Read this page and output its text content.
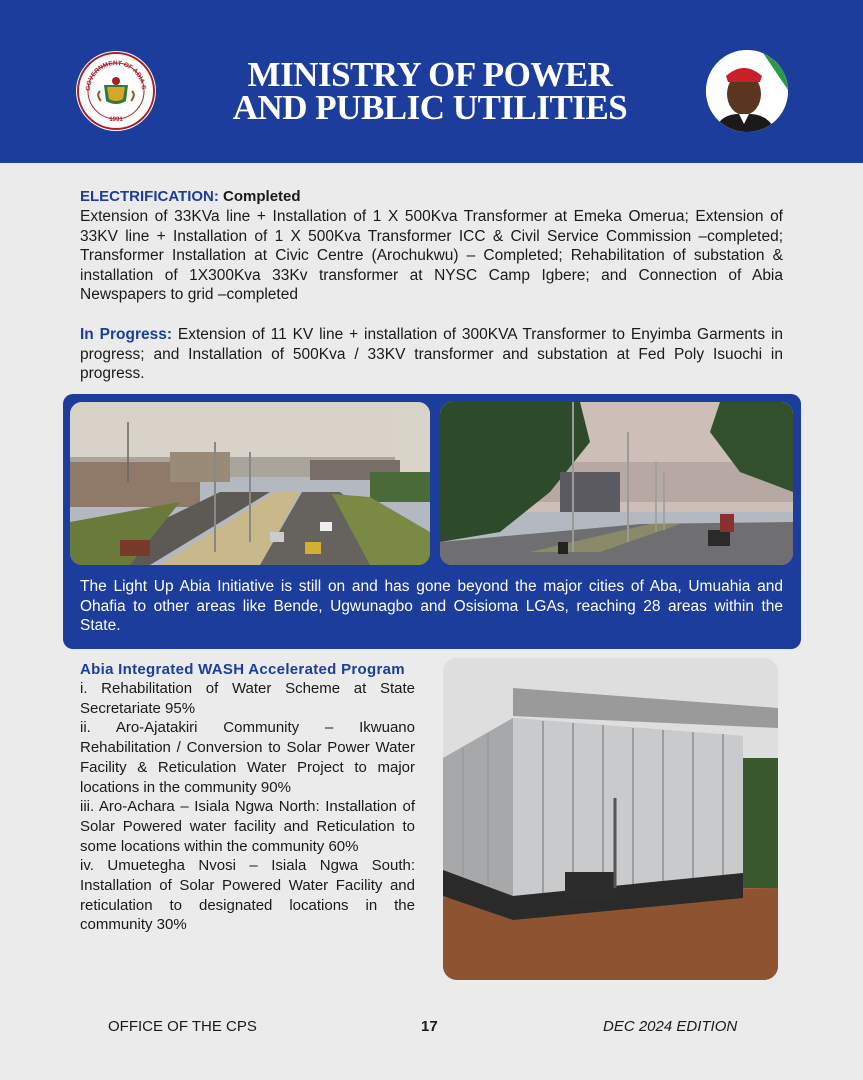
GOVERNMENT OF ABIA S
1991
MINISTRY OF POWER
AND PUBLIC UTILITIES
ELECTRIFICATION: Completed
Extension of 33KVa line + Installation of 1 X 500Kva Transformer at Emeka Omerua; Extension of 33KV line + Installation of 1 X 500Kva Transformer ICC & Civil Service Commission –completed; Transformer Installation at Civic Centre (Arochukwu) – Completed; Rehabilitation of substation & installation of 1X300Kva 33Kv transformer at NYSC Camp Igbere; and Connection of Abia Newspapers to grid –completed
In Progress: Extension of 11 KV line + installation of 300KVA Transformer to Enyimba Garments in progress; and Installation of 500Kva / 33KV transformer and substation at Fed Poly Isuochi in progress.
The Light Up Abia Initiative is still on and has gone beyond the major cities of Aba, Umuahia and Ohafia to other areas like Bende, Ugwunagbo and Osisioma LGAs, reaching 28 areas within the State.
Abia Integrated WASH Accelerated Program
i. Rehabilitation of Water Scheme at State Secretariate 95%
ii. Aro-Ajatakiri Community – Ikwuano Rehabilitation / Conversion to Solar Power Water Facility & Reticulation Water Project to major locations in the community 90%
iii. Aro-Achara – Isiala Ngwa North: Installation of Solar Powered water facility and Reticulation to some locations within the community 60%
iv. Umuetegha Nvosi – Isiala Ngwa South: Installation of Solar Powered Water Facility and reticulation to designated locations in the community 30%
OFFICE OF THE CPS	17	DEC 2024 EDITION
